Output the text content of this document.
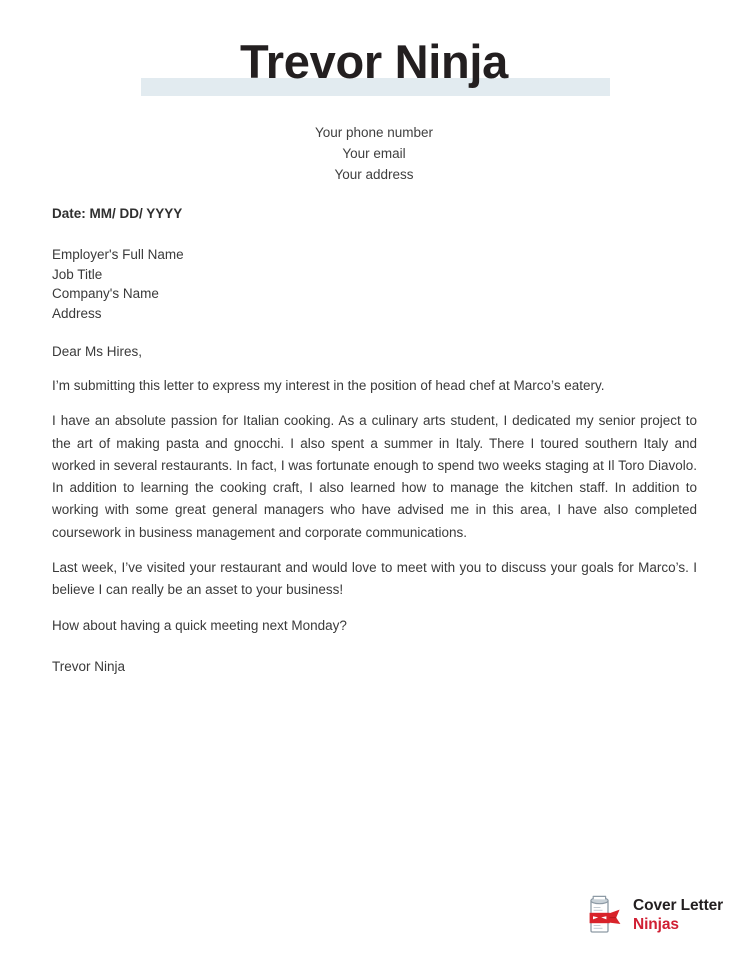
Trevor Ninja
Your phone number
Your email
Your address
Date: MM/ DD/ YYYY
Employer's Full Name
Job Title
Company's Name
Address
Dear Ms Hires,

I’m submitting this letter to express my interest in the position of head chef at Marco’s eatery.

I have an absolute passion for Italian cooking. As a culinary arts student, I dedicated my senior project to the art of making pasta and gnocchi. I also spent a summer in Italy. There I toured southern Italy and worked in several restaurants. In fact, I was fortunate enough to spend two weeks staging at Il Toro Diavolo. In addition to learning the cooking craft, I also learned how to manage the kitchen staff. In addition to working with some great general managers who have advised me in this area, I have also completed coursework in business management and corporate communications.

Last week, I’ve visited your restaurant and would love to meet with you to discuss your goals for Marco’s. I believe I can really be an asset to your business!

How about having a quick meeting next Monday?

Trevor Ninja
Cover Letter
Ninjas
